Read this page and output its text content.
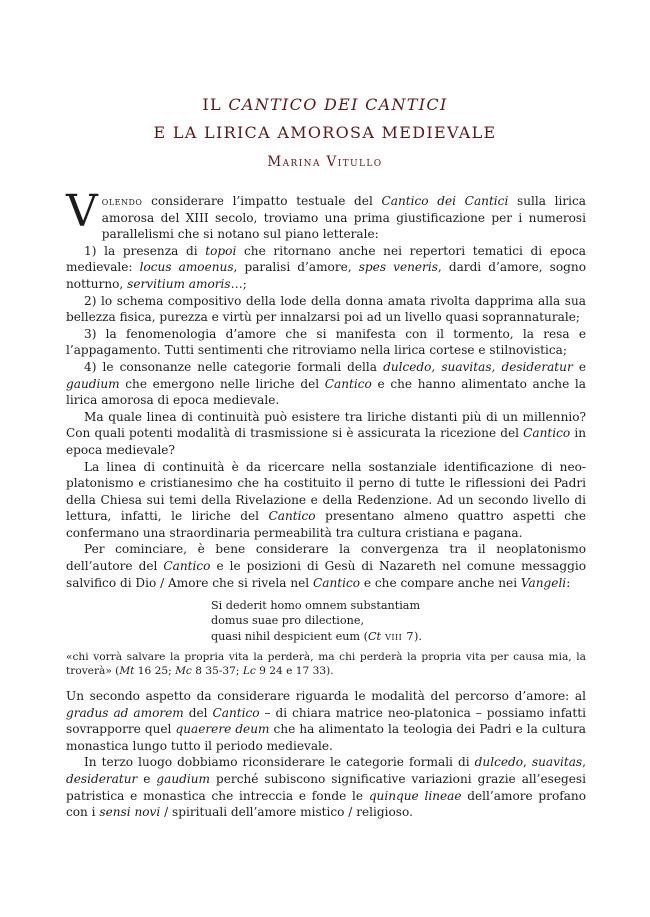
IL CANTICO DEI CANTICI
E LA LIRICA AMOROSA MEDIEVALE
Marina Vitullo

Volendo considerare l’impatto testuale del Cantico dei Cantici sulla lirica amorosa del XIII secolo, troviamo una prima giustificazione per i numerosi parallelismi che si notano sul piano letterale:

1) la presenza di topoi che ritornano anche nei repertori tematici di epoca medievale: locus amoenus, paralisi d’amore, spes veneris, dardi d’amore, sogno notturno, servitium amoris…;

2) lo schema compositivo della lode della donna amata rivolta dapprima alla sua bellezza fisica, purezza e virtù per innalzarsi poi ad un livello quasi soprannaturale;

3) la fenomenologia d’amore che si manifesta con il tormento, la resa e l’appagamento. Tutti sentimenti che ritroviamo nella lirica cortese e stilnovistica;

4) le consonanze nelle categorie formali della dulcedo, suavitas, desideratur e gaudium che emergono nelle liriche del Cantico e che hanno alimentato anche la lirica amorosa di epoca medievale.

Ma quale linea di continuità può esistere tra liriche distanti più di un millennio? Con quali potenti modalità di trasmissione si è assicurata la ricezione del Cantico in epoca medievale?

La linea di continuità è da ricercare nella sostanziale identificazione di neo-platonismo e cristianesimo che ha costituito il perno di tutte le riflessioni dei Padri della Chiesa sui temi della Rivelazione e della Redenzione. Ad un secondo livello di lettura, infatti, le liriche del Cantico presentano almeno quattro aspetti che confermano una straordinaria permeabilità tra cultura cristiana e pagana.

Per cominciare, è bene considerare la convergenza tra il neoplatonismo dell’autore del Cantico e le posizioni di Gesù di Nazareth nel comune messaggio salvifico di Dio / Amore che si rivela nel Cantico e che compare anche nei Vangeli:

Si dederit homo omnem substantiam
domus suae pro dilectione,
quasi nihil despicient eum (Ct viii 7).
«chi vorrà salvare la propria vita la perderà, ma chi perderà la propria vita per causa mia, la troverà» (Mt 16 25; Mc 8 35-37; Lc 9 24 e 17 33).

Un secondo aspetto da considerare riguarda le modalità del percorso d’amore: al gradus ad amorem del Cantico – di chiara matrice neo-platonica – possiamo infatti sovrapporre quel quaerere deum che ha alimentato la teologia dei Padri e la cultura monastica lungo tutto il periodo medievale.

In terzo luogo dobbiamo riconsiderare le categorie formali di dulcedo, suavitas, desideratur e gaudium perché subiscono significative variazioni grazie all’esegesi patristica e monastica che intreccia e fonde le quinque lineae dell’amore profano con i sensi novi / spirituali dell’amore mistico / religioso.
